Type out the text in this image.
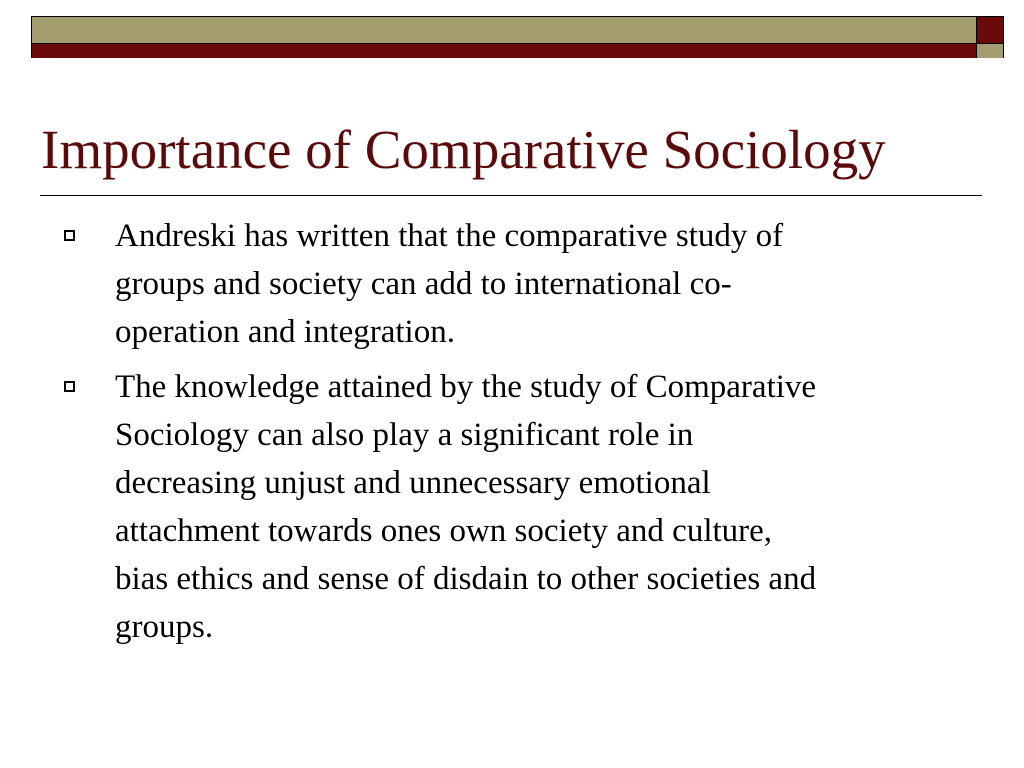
Importance of Comparative Sociology
Andreski has written that the comparative study of
groups and society can add to international co-
operation and integration.
The knowledge attained by the study of Comparative
Sociology can also play a significant role in
decreasing unjust and unnecessary emotional
attachment towards ones own society and culture,
bias ethics and sense of disdain to other societies and
groups.
